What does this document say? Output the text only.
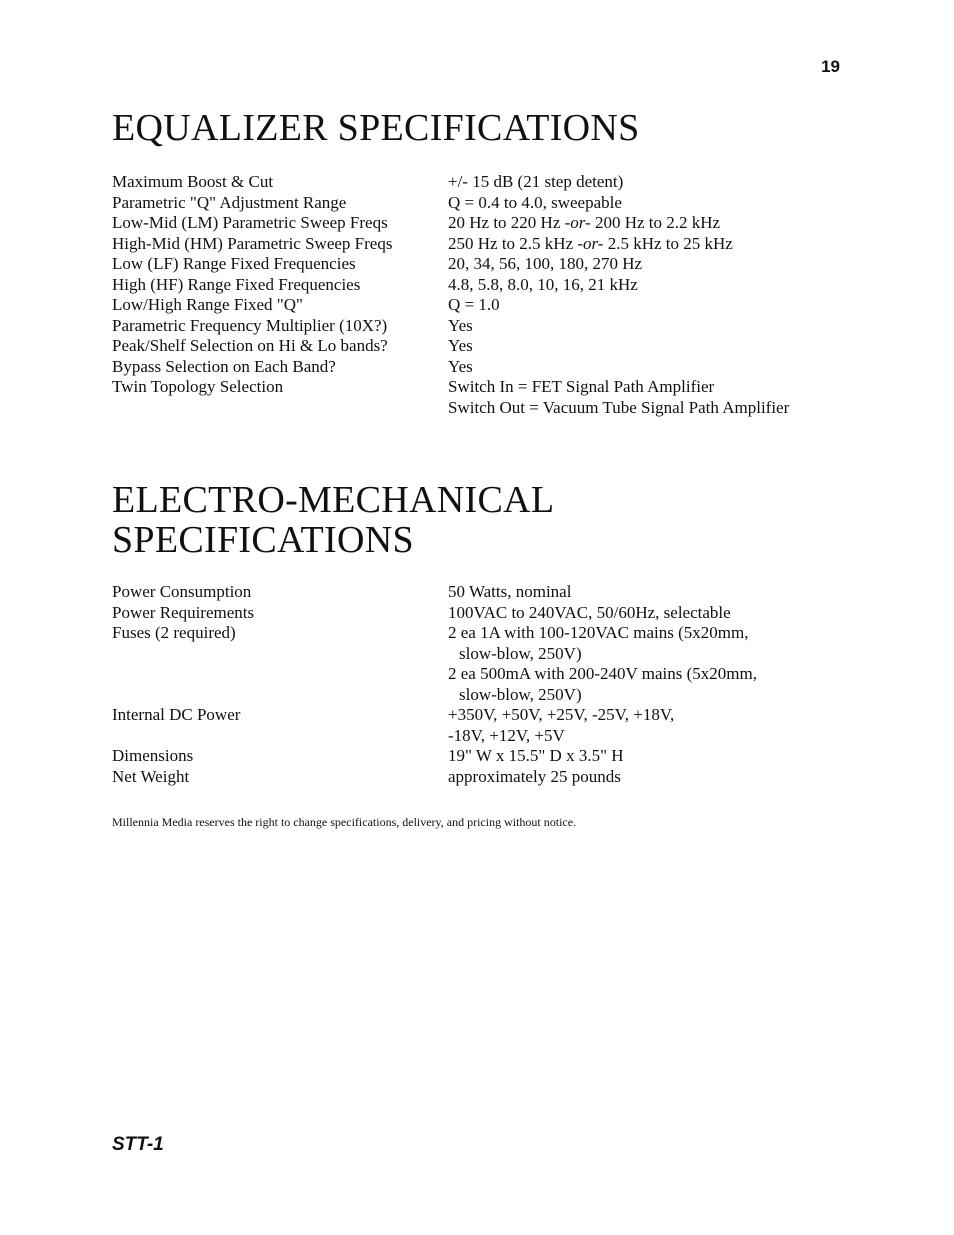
19
EQUALIZER SPECIFICATIONS
Maximum Boost & Cut	+/- 15 dB (21 step detent)
Parametric "Q" Adjustment Range	Q = 0.4 to 4.0, sweepable
Low-Mid (LM) Parametric Sweep Freqs	20 Hz to 220 Hz -or- 200 Hz to 2.2 kHz
High-Mid (HM) Parametric Sweep Freqs	250 Hz to 2.5 kHz -or- 2.5 kHz to 25 kHz
Low (LF) Range Fixed Frequencies	20, 34, 56, 100, 180, 270 Hz
High (HF) Range Fixed Frequencies	4.8, 5.8, 8.0, 10, 16, 21 kHz
Low/High Range Fixed "Q"	Q = 1.0
Parametric Frequency Multiplier (10X?)	Yes
Peak/Shelf Selection on Hi & Lo bands?	Yes
Bypass Selection on Each Band?	Yes
Twin Topology Selection	Switch In = FET Signal Path Amplifier
Switch Out = Vacuum Tube Signal Path Amplifier
ELECTRO-MECHANICAL
SPECIFICATIONS
Power Consumption	50 Watts, nominal
Power Requirements	100VAC to 240VAC, 50/60Hz, selectable
Fuses (2 required)	2 ea 1A with 100-120VAC mains (5x20mm,
slow-blow, 250V)
2 ea 500mA with 200-240V mains (5x20mm,
slow-blow, 250V)
Internal DC Power	+350V, +50V, +25V, -25V, +18V,
-18V, +12V, +5V
Dimensions	19" W x 15.5" D x 3.5" H
Net Weight	approximately 25 pounds
Millennia Media reserves the right to change specifications, delivery, and pricing without notice.
STT-1
